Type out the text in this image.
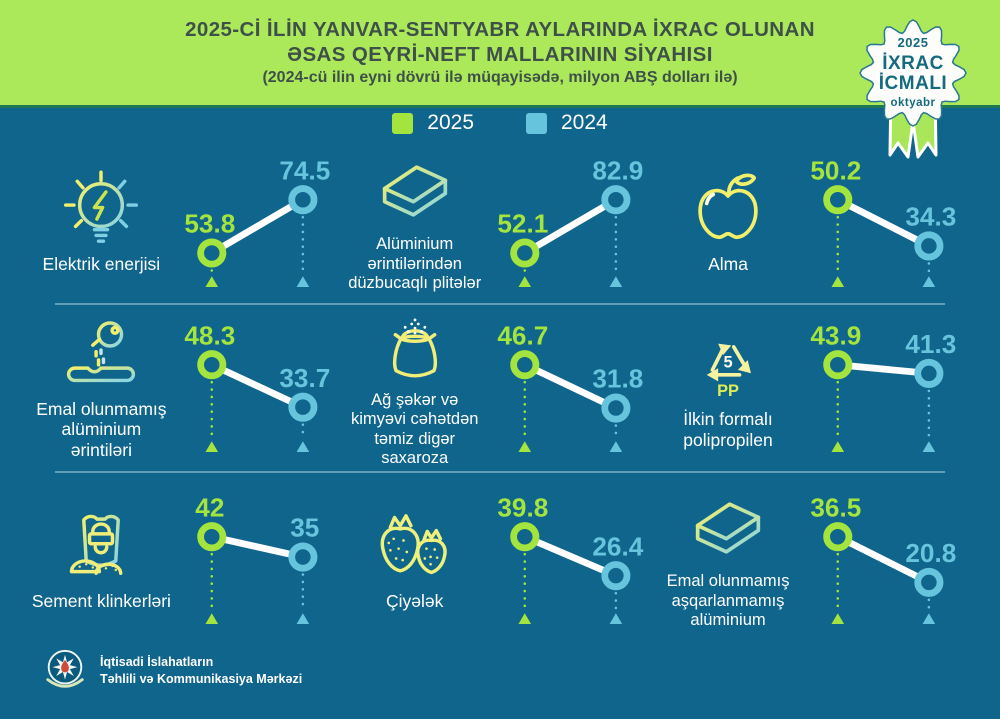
2025-Cİ İLİN YANVAR-SENTYABR AYLARINDA İXRAC OLUNAN
ƏSAS QEYRİ-NEFT MALLARININ SİYAHISI
(2024-cü ilin eyni dövrü ilə müqayisədə, milyon ABŞ dolları ilə)
2025
İXRAC
İCMALI
oktyabr
2025	2024
Elektrik enerjisi
53.8
74.5
Alüminium ərintilərindən düzbucaqlı plitələr
52.1
82.9
Alma
50.2
34.3
Emal olunmamış alüminium ərintiləri
48.3
33.7
Ağ şəkər və kimyəvi cəhətdən təmiz digər saxaroza
46.7
31.8
5
PP
İlkin formalı polipropilen
43.9 41.3
Sement klinkerləri
42
35
Çiyələk
39.8
26.4
Emal olunmamış aşqarlanmamış alüminium
36.5
20.8
İqtisadi İslahatların
Təhlili və Kommunikasiya Mərkəzi
